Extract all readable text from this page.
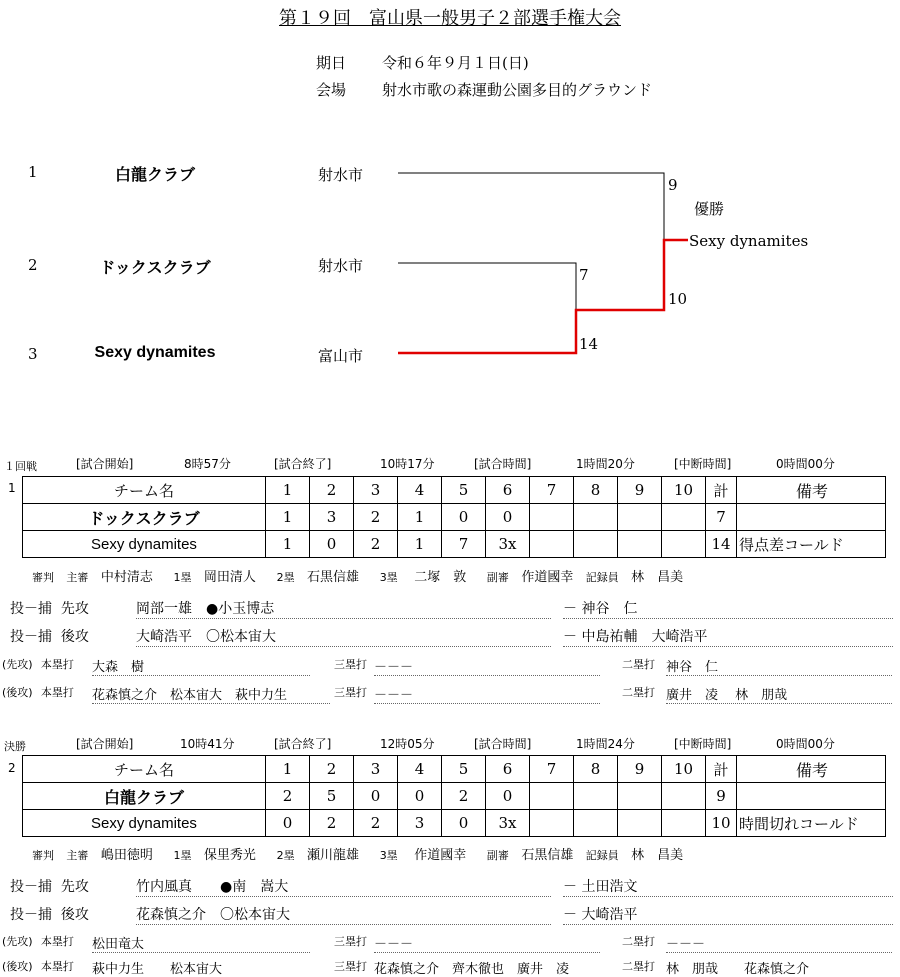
第１９回　富山県一般男子２部選手権大会
期日 令和６年９月１日(日)
会場 射水市歌の森運動公園多目的グラウンド
1	白龍クラブ	射水市
2	ドックスクラブ	射水市
3	Sexy dynamites	富山市
7
14
9
10
優勝
Sexy dynamites
１回戦	[試合開始]	8時57分	[試合終了]	10時17分	[試合時間]	1時間20分	[中断時間]	0時間00分
1	チーム名	1	2	3	4	5	6	7	8	9	10	計	備考
ドックスクラブ	1	3	2	1	0	0					7	
Sexy dynamites	1	0	2	1	7	3x					14	得点差コールド
審判 主審 中村清志 1塁 岡田清人 2塁 石黒信雄 3塁 二塚　敦 副審 作道國幸 記録員 林　昌美
投－捕 先攻	岡部一雄　●小玉博志	－ 神谷　仁
投－捕 後攻	大崎浩平　〇松本宙大	－ 中島祐輔　大崎浩平
(先攻) 本塁打 大森　樹	三塁打 －－－	二塁打 神谷　仁
(後攻) 本塁打 花森慎之介　松本宙大　萩中力生	三塁打 －－－	二塁打 廣井　凌　 林　朋哉
決勝	[試合開始]	10時41分	[試合終了]	12時05分	[試合時間]	1時間24分	[中断時間]	0時間00分
2	チーム名	1	2	3	4	5	6	7	8	9	10	計	備考
白龍クラブ	2	5	0	0	2	0					9	
Sexy dynamites	0	2	2	3	0	3x					10	時間切れコールド
審判 主審 嶋田徳明 1塁 保里秀光 2塁 瀬川龍雄 3塁 作道國幸 副審 石黒信雄 記録員 林　昌美
投－捕 先攻	竹内風真　　●南　嵩大	－ 土田浩文
投－捕 後攻	花森慎之介　〇松本宙大	－ 大崎浩平
(先攻) 本塁打 松田竜太	三塁打 －－－	二塁打 －－－
(後攻) 本塁打 萩中力生　　松本宙大	三塁打 花森慎之介　齊木徹也　廣井　凌	二塁打 林　朋哉　　花森慎之介
